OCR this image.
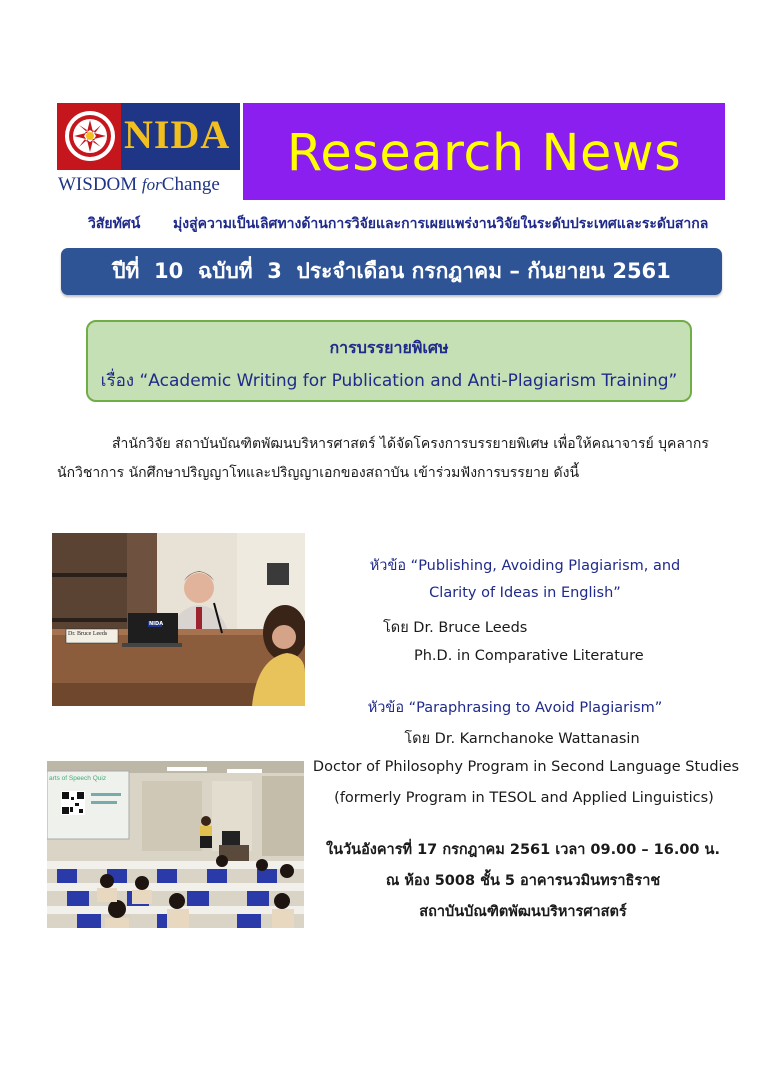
NIDA
WISDOM forChange
Research News
วิสัยทัศน์ มุ่งสู่ความเป็นเลิศทางด้านการวิจัยและการเผยแพร่งานวิจัยในระดับประเทศและระดับสากล
ปีที่  10  ฉบับที่  3  ประจำเดือน กรกฎาคม – กันยายน 2561
การบรรยายพิเศษ
เรื่อง “Academic Writing for Publication and Anti-Plagiarism Training”
สำนักวิจัย สถาบันบัณฑิตพัฒนบริหารศาสตร์ ได้จัดโครงการบรรยายพิเศษ เพื่อให้คณาจารย์ บุคลากร
นักวิชาการ นักศึกษาปริญญาโทและปริญญาเอกของสถาบัน เข้าร่วมฟังการบรรยาย ดังนี้
Dr. Bruce Leeds
NIDA
arts of Speech Quiz
หัวข้อ “Publishing, Avoiding Plagiarism, and
Clarity of Ideas in English”
โดย Dr. Bruce Leeds
Ph.D. in Comparative Literature
หัวข้อ “Paraphrasing to Avoid Plagiarism”
โดย Dr. Karnchanoke Wattanasin
Doctor of Philosophy Program in Second Language Studies
(formerly Program in TESOL and Applied Linguistics)
ในวันอังคารที่ 17 กรกฎาคม 2561 เวลา 09.00 – 16.00 น.
ณ ห้อง 5008 ชั้น 5 อาคารนวมินทราธิราช
สถาบันบัณฑิตพัฒนบริหารศาสตร์
